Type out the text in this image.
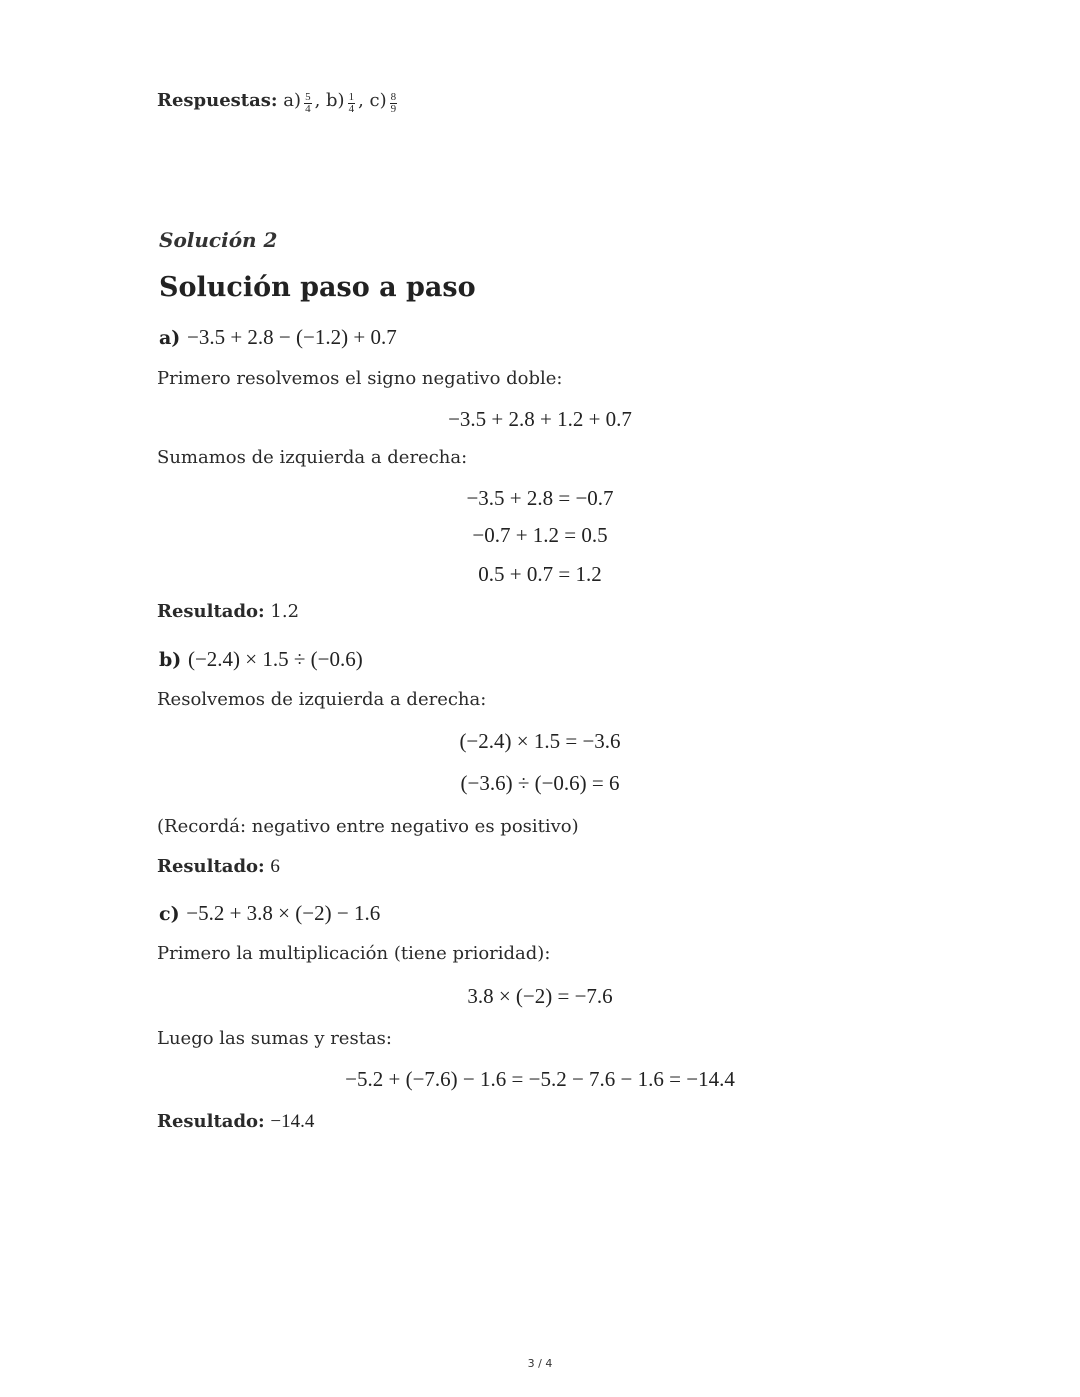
Respuestas: $a) \frac{5}{4}$ , $b) \frac{1}{4}$ , $c) \frac{8}{9}$
Solución 2
Solución paso a paso
a) −3.5 + 2.8 − (−1.2) + 0.7
Primero resolvemos el signo negativo doble:
−3.5 + 2.8 + 1.2 + 0.7
Sumamos de izquierda a derecha:
−3.5 + 2.8 = −0.7
−0.7 + 1.2 = 0.5
0.5 + 0.7 = 1.2
Resultado: 1.2
b) (−2.4) × 1.5 ÷ (−0.6)
Resolvemos de izquierda a derecha:
(−2.4) × 1.5 = −3.6
(−3.6) ÷ (−0.6) = 6
(Recordá: negativo entre negativo es positivo)
Resultado: 6
c) −5.2 + 3.8 × (−2) − 1.6
Primero la multiplicación (tiene prioridad):
3.8 × (−2) = −7.6
Luego las sumas y restas:
−5.2 + (−7.6) − 1.6 = −5.2 − 7.6 − 1.6 = −14.4
Resultado: −14.4
3 / 4
